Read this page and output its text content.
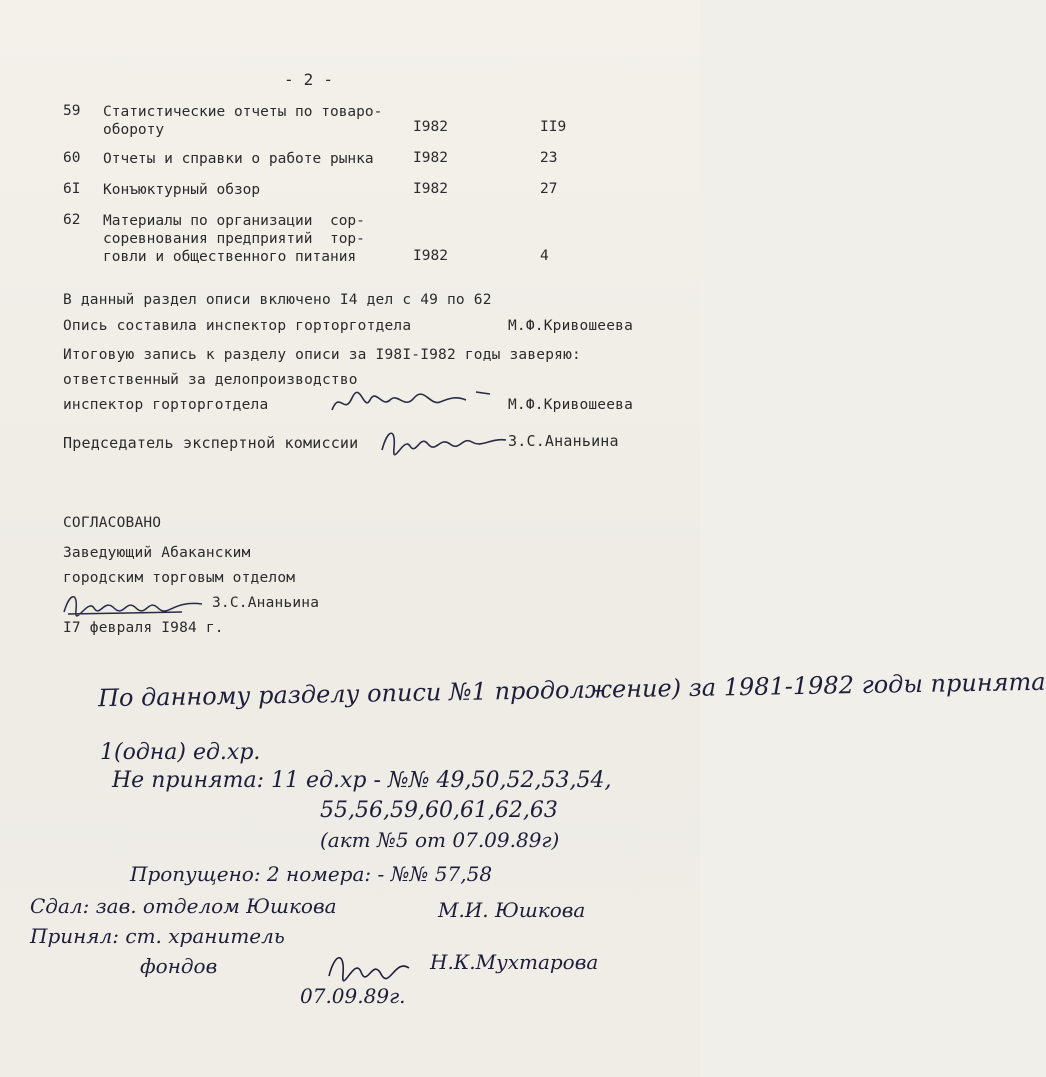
- 2 -
59 Статистические отчеты по товаро-
обороту	I982	II9
60 Отчеты и справки о работе рынка	I982	23
6I Конъюктурный обзор	I982	27
62 Материалы по организации  сор-
соревнования предприятий  тор-
говли и общественного питания	I982	4
В данный раздел описи включено I4 дел с 49 по 62
Опись составила инспектор горторготдела	М.Ф.Кривошеева
Итоговую запись к разделу описи за I98I-I982 годы заверяю:
ответственный за делопроизводство
инспектор горторготдела	М.Ф.Кривошеева
Председатель экспертной комиссии	З.С.Ананьина
СОГЛАСОВАНО
Заведующий Абаканским
городским торговым отделом
З.С.Ананьина
I7 февраля I984 г.
По данному разделу описи №1 продолжение) за 1981-1982 годы принята
1(одна) ед.хр.
Не принята: 11 ед.хр - №№ 49,50,52,53,54,
55,56,59,60,61,62,63
(акт №5 от 07.09.89г)
Пропущено: 2 номера: - №№ 57,58
Сдал: зав. отделом Юшкова	М.И. Юшкова
Принял: ст. хранитель
фондов	Н.К.Мухтарова
07.09.89г.
